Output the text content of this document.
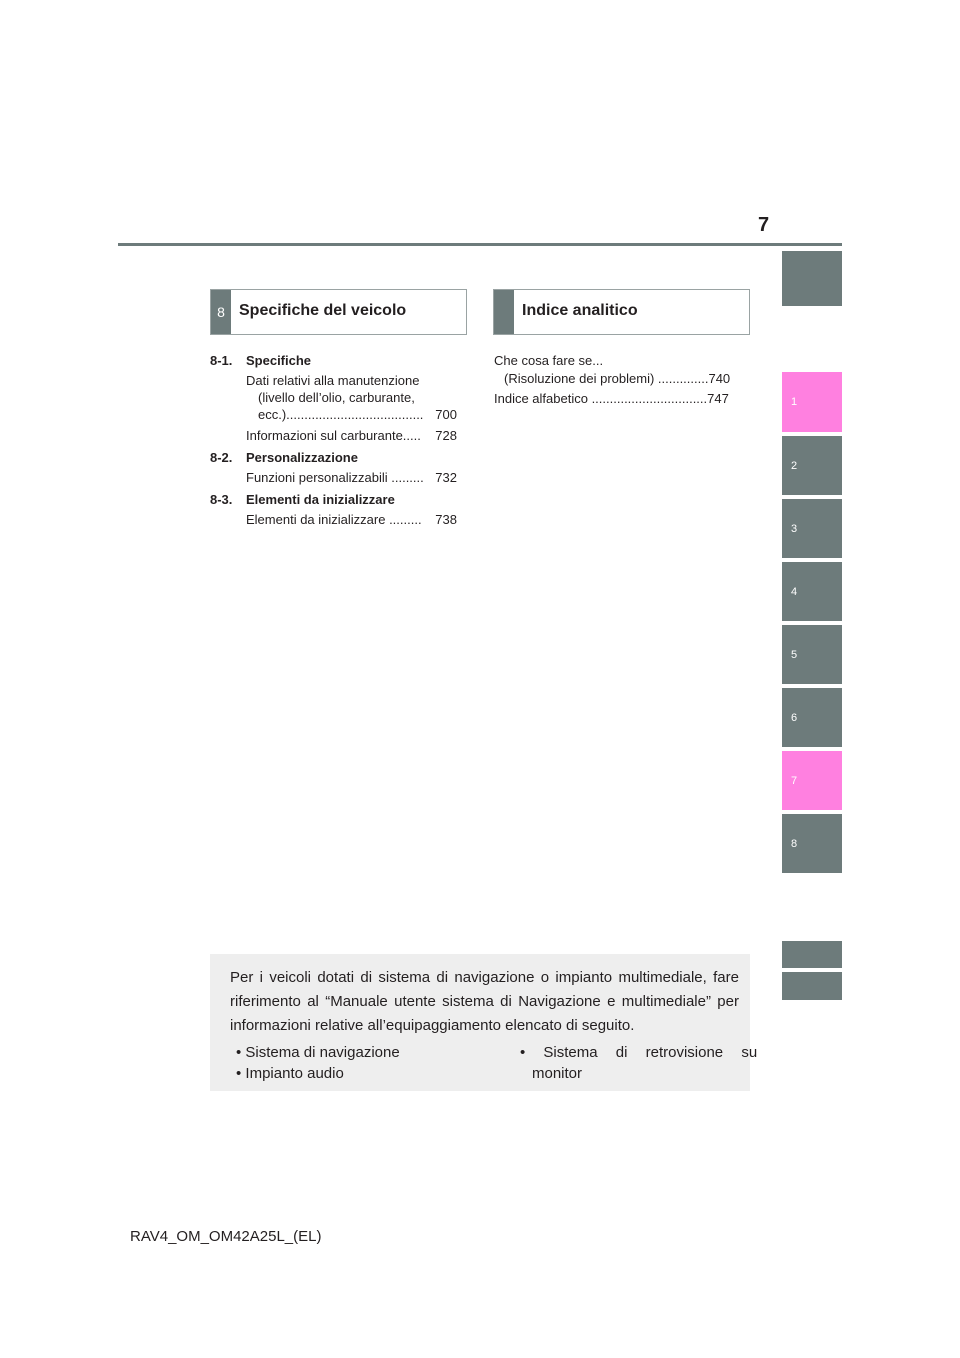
7
1
2
3
4
5
6
7
8
8 Specifiche del veicolo	Indice analitico
8-1. Specifiche
Dati relativi alla manutenzione
(livello dell’olio, carburante,
ecc.)...................................... 700
Informazioni sul carburante..... 728
8-2. Personalizzazione
Funzioni personalizzabili ......... 732
8-3. Elementi da inizializzare
Elementi da inizializzare ......... 738
Che cosa fare se...
(Risoluzione dei problemi) ..............740
Indice alfabetico ................................747
Per i veicoli dotati di sistema di navigazione o impianto multimediale, fare riferimento al “Manuale utente sistema di Navigazione e multimediale” per informazioni relative all’equipaggiamento elencato di seguito.
• Sistema di navigazione
• Impianto audio
• Sistema di retrovisione su
monitor
RAV4_OM_OM42A25L_(EL)
